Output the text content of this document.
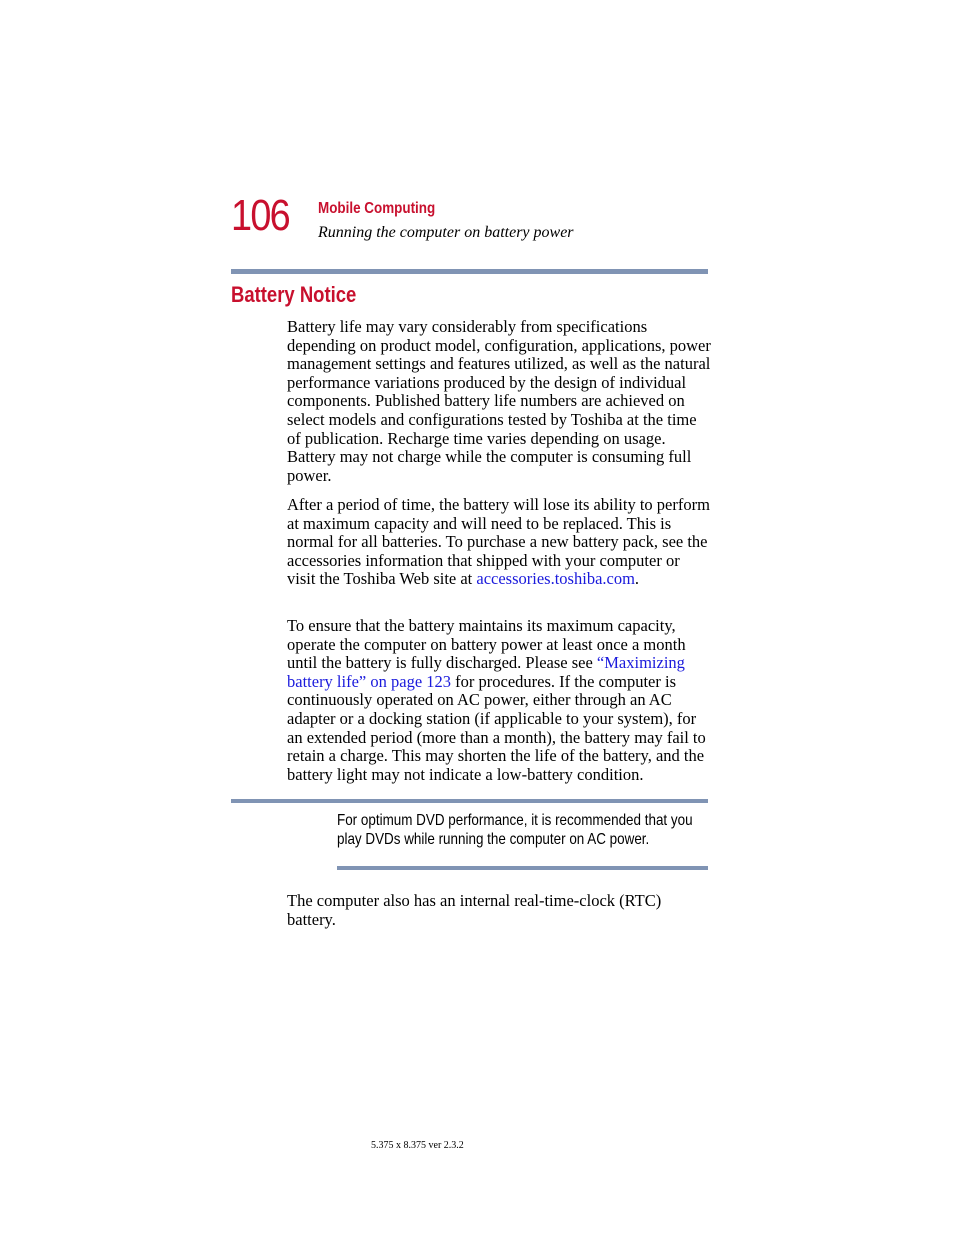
106 Mobile Computing
Running the computer on battery power
Battery Notice

Battery life may vary considerably from specifications depending on product model, configuration, applications, power management settings and features utilized, as well as the natural performance variations produced by the design of individual components. Published battery life numbers are achieved on select models and configurations tested by Toshiba at the time of publication. Recharge time varies depending on usage. Battery may not charge while the computer is consuming full power.

After a period of time, the battery will lose its ability to perform at maximum capacity and will need to be replaced. This is normal for all batteries. To purchase a new battery pack, see the accessories information that shipped with your computer or visit the Toshiba Web site at accessories.toshiba.com.

To ensure that the battery maintains its maximum capacity, operate the computer on battery power at least once a month until the battery is fully discharged. Please see “Maximizing battery life” on page 123 for procedures. If the computer is continuously operated on AC power, either through an AC adapter or a docking station (if applicable to your system), for an extended period (more than a month), the battery may fail to retain a charge. This may shorten the life of the battery, and the battery light may not indicate a low-battery condition.

For optimum DVD performance, it is recommended that you play DVDs while running the computer on AC power.

The computer also has an internal real-time-clock (RTC) battery.

5.375 x 8.375 ver 2.3.2
